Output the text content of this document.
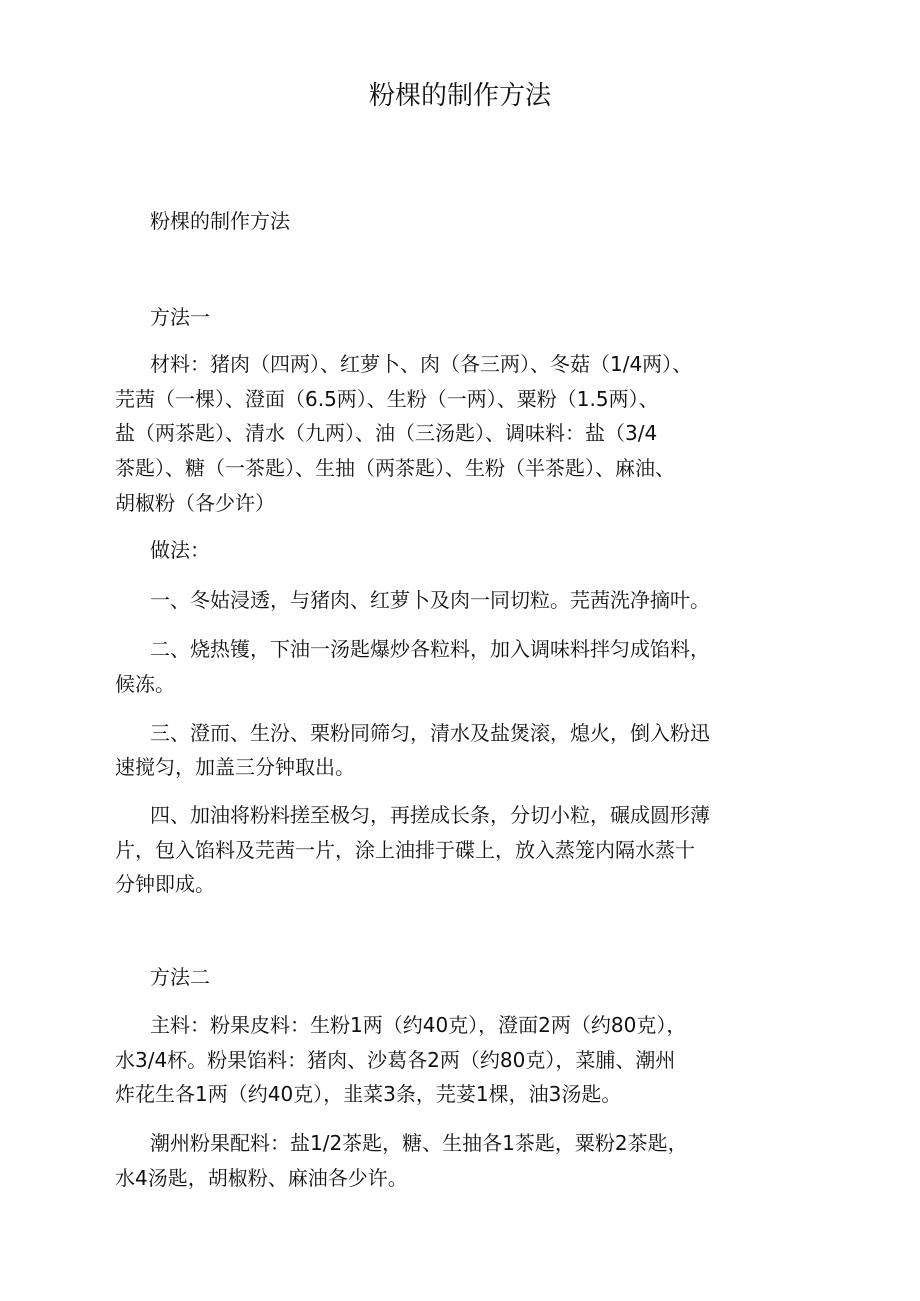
粉棵的制作方法
粉棵的制作方法
方法一
材料：猪肉（四两）、红萝卜、肉（各三两）、冬菇（1/4两）、
芫茜（一棵）、澄面（6.5两）、生粉（一两）、粟粉（1.5两）、
盐（两茶匙）、清水（九两）、油（三汤匙）、调味料：盐（3/4
茶匙）、糖（一茶匙）、生抽（两茶匙）、生粉（半茶匙）、麻油、
胡椒粉（各少许）
做法：
一、冬姑浸透，与猪肉、红萝卜及肉一同切粒。芫茜洗净摘叶。
二、烧热镬，下油一汤匙爆炒各粒料，加入调味料拌匀成馅料，
候冻。
三、澄而、生汾、栗粉同筛匀，清水及盐煲滚，熄火，倒入粉迅
速搅匀，加盖三分钟取出。
四、加油将粉料搓至极匀，再搓成长条，分切小粒，碾成圆形薄
片，包入馅料及芫茜一片，涂上油排于碟上，放入蒸笼内隔水蒸十
分钟即成。
方法二
主料：粉果皮料：生粉1两（约40克），澄面2两（约80克），
水3/4杯。粉果馅料：猪肉、沙葛各2两（约80克），菜脯、潮州
炸花生各1两（约40克），韭菜3条，芫荽1棵，油3汤匙。
潮州粉果配料：盐1/2茶匙，糖、生抽各1茶匙，粟粉2茶匙，
水4汤匙，胡椒粉、麻油各少许。
